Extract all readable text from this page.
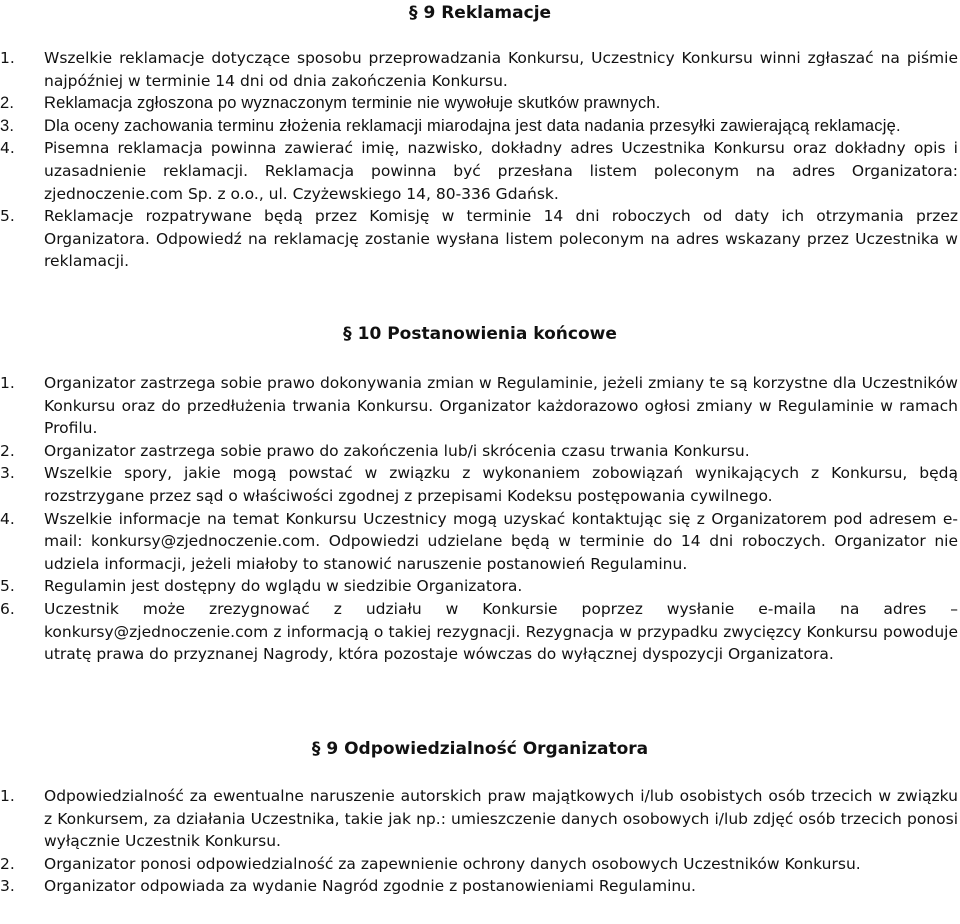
§ 9 Reklamacje
1.	Wszelkie reklamacje dotyczące sposobu przeprowadzania Konkursu, Uczestnicy Konkursu winni zgłaszać na piśmie najpóźniej w terminie 14 dni od dnia zakończenia Konkursu.
2.	Reklamacja zgłoszona po wyznaczonym terminie nie wywołuje skutków prawnych.
3.	Dla oceny zachowania terminu złożenia reklamacji miarodajna jest data nadania przesyłki zawierającą reklamację.
4.	Pisemna reklamacja powinna zawierać imię, nazwisko, dokładny adres Uczestnika Konkursu oraz dokładny opis i uzasadnienie reklamacji. Reklamacja powinna być przesłana listem poleconym na adres Organizatora: zjednoczenie.com Sp. z o.o., ul. Czyżewskiego 14, 80-336 Gdańsk.
5.	Reklamacje rozpatrywane będą przez Komisję w terminie 14 dni roboczych od daty ich otrzymania przez Organizatora. Odpowiedź na reklamację zostanie wysłana listem poleconym na adres wskazany przez Uczestnika w reklamacji.
§ 10 Postanowienia końcowe
1.	Organizator zastrzega sobie prawo dokonywania zmian w Regulaminie, jeżeli zmiany te są korzystne dla Uczestników Konkursu oraz do przedłużenia trwania Konkursu. Organizator każdorazowo ogłosi zmiany w Regulaminie w ramach Profilu.
2.	Organizator zastrzega sobie prawo do zakończenia lub/i skrócenia czasu trwania Konkursu.
3.	Wszelkie spory, jakie mogą powstać w związku z wykonaniem zobowiązań wynikających z Konkursu, będą rozstrzygane przez sąd o właściwości zgodnej z przepisami Kodeksu postępowania cywilnego.
4.	Wszelkie informacje na temat Konkursu Uczestnicy mogą uzyskać kontaktując się z Organizatorem pod adresem e-mail: konkursy@zjednoczenie.com. Odpowiedzi udzielane będą w terminie do 14 dni roboczych. Organizator nie udziela informacji, jeżeli miałoby to stanowić naruszenie postanowień Regulaminu.
5.	Regulamin jest dostępny do wglądu w siedzibie Organizatora.
6.	Uczestnik może zrezygnować z udziału w Konkursie poprzez wysłanie e-maila na adres – konkursy@zjednoczenie.com z informacją o takiej rezygnacji. Rezygnacja w przypadku zwycięzcy Konkursu powoduje utratę prawa do przyznanej Nagrody, która pozostaje wówczas do wyłącznej dyspozycji Organizatora.
§ 9 Odpowiedzialność Organizatora
1.	Odpowiedzialność za ewentualne naruszenie autorskich praw majątkowych i/lub osobistych osób trzecich w związku z Konkursem, za działania Uczestnika, takie jak np.: umieszczenie danych osobowych i/lub zdjęć osób trzecich ponosi wyłącznie Uczestnik Konkursu.
2.	Organizator ponosi odpowiedzialność za zapewnienie ochrony danych osobowych Uczestników Konkursu.
3.	Organizator odpowiada za wydanie Nagród zgodnie z postanowieniami Regulaminu.
